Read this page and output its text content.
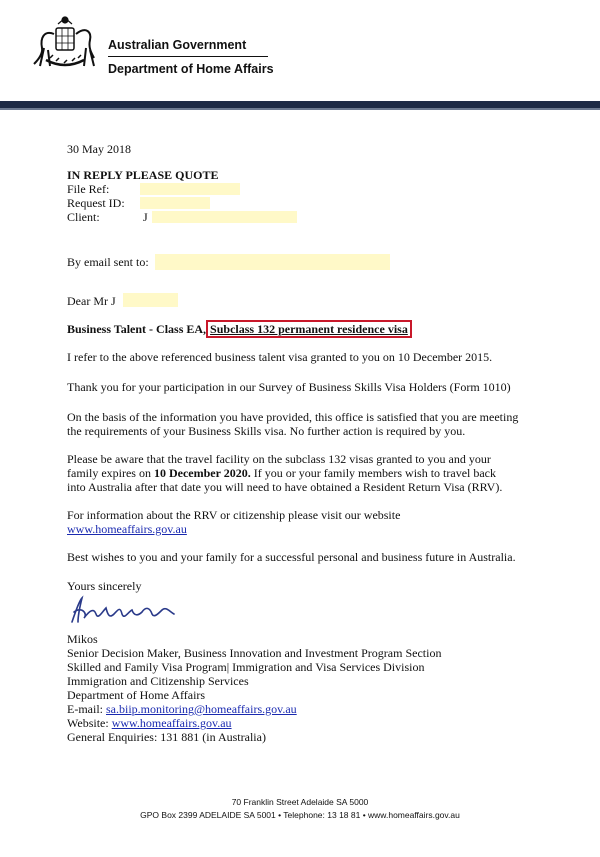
Australian Government
Department of Home Affairs
30 May 2018
IN REPLY PLEASE QUOTE
File Ref:
Request ID:
Client:	J
By email sent to:
Dear Mr J
Business Talent - Class EA, Subclass 132 permanent residence visa
I refer to the above referenced business talent visa granted to you on 10 December 2015.
Thank you for your participation in our Survey of Business Skills Visa Holders (Form 1010)
On the basis of the information you have provided, this office is satisfied that you are meeting
the requirements of your Business Skills visa. No further action is required by you.
Please be aware that the travel facility on the subclass 132 visas granted to you and your
family expires on 10 December 2020. If you or your family members wish to travel back
into Australia after that date you will need to have obtained a Resident Return Visa (RRV).
For information about the RRV or citizenship please visit our website
www.homeaffairs.gov.au
Best wishes to you and your family for a successful personal and business future in Australia.
Yours sincerely
Mikos
Senior Decision Maker, Business Innovation and Investment Program Section
Skilled and Family Visa Program| Immigration and Visa Services Division
Immigration and Citizenship Services
Department of Home Affairs
E-mail: sa.biip.monitoring@homeaffairs.gov.au
Website: www.homeaffairs.gov.au
General Enquiries: 131 881 (in Australia)
70 Franklin Street Adelaide SA 5000
GPO Box 2399 ADELAIDE SA 5001 • Telephone: 13 18 81 • www.homeaffairs.gov.au
